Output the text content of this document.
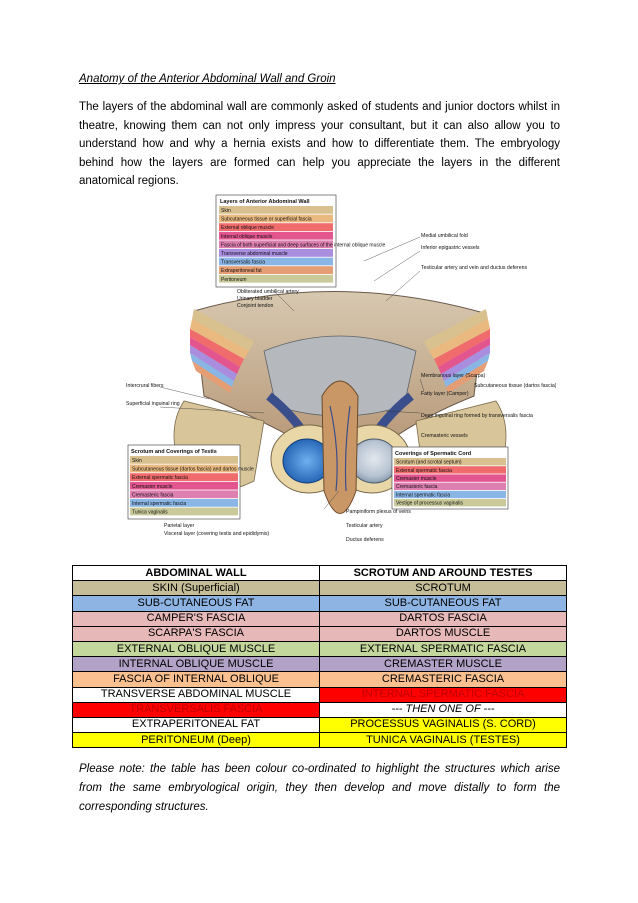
Anatomy of the Anterior Abdominal Wall and Groin
The layers of the abdominal wall are commonly asked of students and junior doctors whilst in theatre, knowing them can not only impress your consultant, but it can also allow you to understand how and why a hernia exists and how to differentiate them. The embryology behind how the layers are formed can help you appreciate the layers in the different anatomical regions.
Layers of Anterior Abdominal Wall
Skin
Subcutaneous tissue or superficial fascia
External oblique muscle
Internal oblique muscle
Fascia of both superficial and deep surfaces of the internal oblique muscle
Transverse abdominal muscle
Transversalis fascia
Extraperitoneal fat
Peritoneum
Scrotum and Coverings of Testis
Skin
Subcutaneous tissue (dartos fascia) and dartos muscle
External spermatic fascia
Cremaster muscle
Cremasteric fascia
Internal spermatic fascia
Tunica vaginalis
Coverings of Spermatic Cord
Scrotum (and scrotal septum)
External spermatic fascia
Cremaster muscle
Cremasteric fascia
Internal spermatic fascia
Vestige of processus vaginalis
Medial umbilical fold
Inferior epigastric vessels
Testicular artery and vein and ductus deferens
Obliterated umbilical artery
Urinary bladder
Conjoint tendon
Intercrural fibers
Superficial inguinal ring
Membranous layer (Scarpa)
Fatty layer (Camper)
Subcutaneous tissue (dartos fascia)
Deep inguinal ring formed by transversalis fascia
Cremasteric vessels
Parietal layer
Visceral layer (covering testis and epididymis)
Pampiniform plexus of veins
Testicular artery
Ductus deferens
ABDOMINAL WALL	SCROTUM AND AROUND TESTES
SKIN (Superficial)	SCROTUM
SUB-CUTANEOUS FAT	SUB-CUTANEOUS FAT
CAMPER'S FASCIA	DARTOS FASCIA
SCARPA'S FASCIA	DARTOS MUSCLE
EXTERNAL OBLIQUE MUSCLE	EXTERNAL SPERMATIC FASCIA
INTERNAL OBLIQUE MUSCLE	CREMASTER MUSCLE
FASCIA OF INTERNAL OBLIQUE	CREMASTERIC FASCIA
TRANSVERSE ABDOMINAL MUSCLE	INTERNAL SPERMATIC FASCIA
TRANSVERSALIS FASCIA	--- THEN ONE OF ---
EXTRAPERITONEAL FAT	PROCESSUS VAGINALIS (S. CORD)
PERITONEUM (Deep)	TUNICA VAGINALIS (TESTES)
Please note: the table has been colour co-ordinated to highlight the structures which arise from the same embryological origin, they then develop and move distally to form the corresponding structures.
